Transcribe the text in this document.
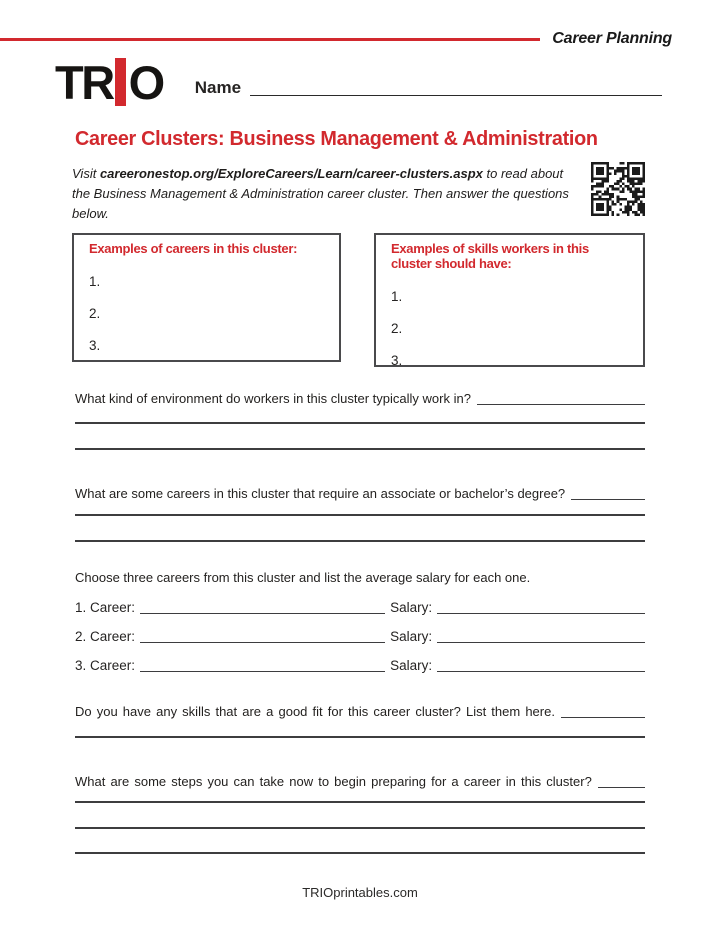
Career Planning
TR O Name
Career Clusters: Business Management & Administration

Visit careeronestop.org/ExploreCareers/Learn/career-clusters.aspx to read about the Business Management & Administration career cluster. Then answer the questions below.

Examples of careers in this cluster:
1.
2.
3.
Examples of skills workers in this cluster should have:
1.
2.
3.
What kind of environment do workers in this cluster typically work in?
What are some careers in this cluster that require an associate or bachelor’s degree?
Choose three careers from this cluster and list the average salary for each one.
1. Career:	Salary:
2. Career:	Salary:
3. Career:	Salary:
Do you have any skills that are a good fit for this career cluster? List them here.
What are some steps you can take now to begin preparing for a career in this cluster?
TRIOprintables.com
